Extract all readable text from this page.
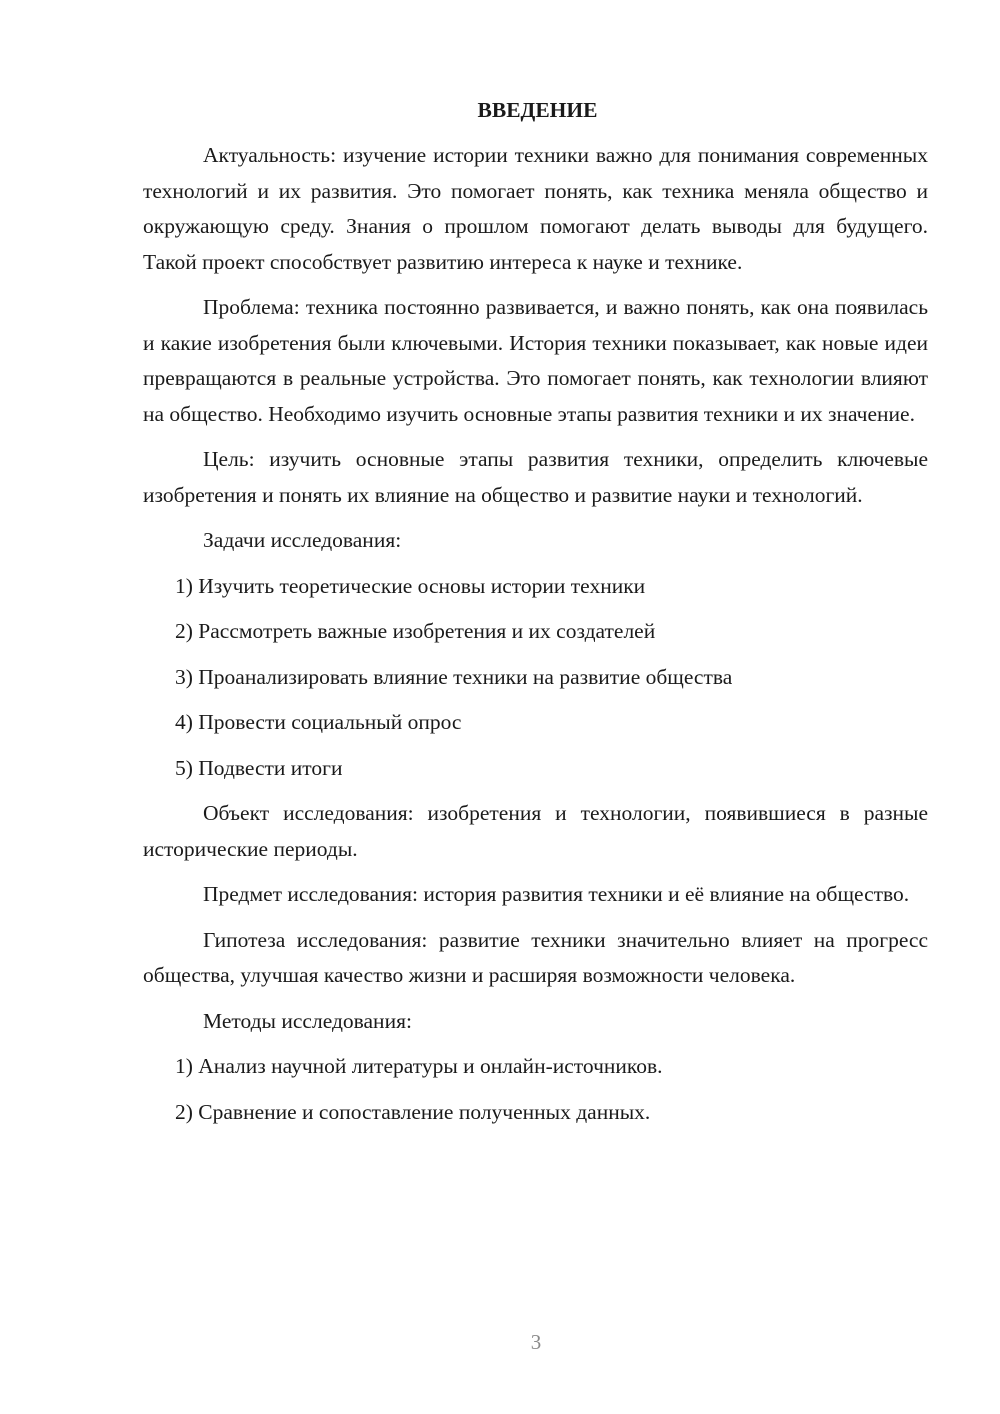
ВВЕДЕНИЕ

Актуальность: изучение истории техники важно для понимания современных технологий и их развития. Это помогает понять, как техника меняла общество и окружающую среду. Знания о прошлом помогают делать выводы для будущего. Такой проект способствует развитию интереса к науке и технике.

Проблема: техника постоянно развивается, и важно понять, как она появилась и какие изобретения были ключевыми. История техники показывает, как новые идеи превращаются в реальные устройства. Это помогает понять, как технологии влияют на общество. Необходимо изучить основные этапы развития техники и их значение.

Цель: изучить основные этапы развития техники, определить ключевые изобретения и понять их влияние на общество и развитие науки и технологий.

Задачи исследования:

1) Изучить теоретические основы истории техники
2) Рассмотреть важные изобретения и их создателей
3) Проанализировать влияние техники на развитие общества
4) Провести социальный опрос
5) Подвести итоги

Объект исследования: изобретения и технологии, появившиеся в разные исторические периоды.

Предмет исследования: история развития техники и её влияние на общество.

Гипотеза исследования: развитие техники значительно влияет на прогресс общества, улучшая качество жизни и расширяя возможности человека.

Методы исследования:

1) Анализ научной литературы и онлайн-источников.
2) Сравнение и сопоставление полученных данных.
3
